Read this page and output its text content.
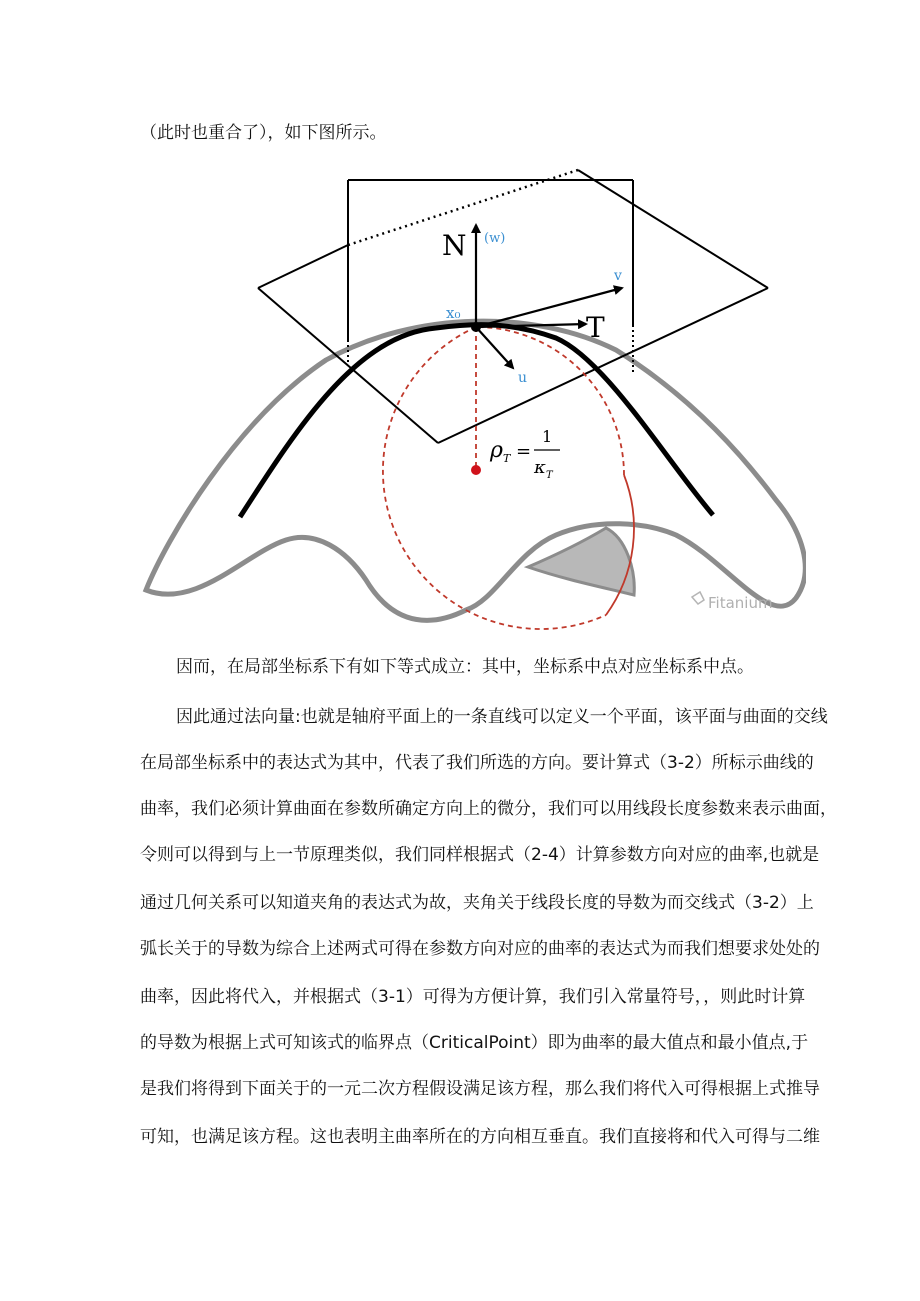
（此时也重合了），如下图所示。
N (w)
v
T
x₀
u
ρ T =
1
κ T
Fitanium
因而，在局部坐标系下有如下等式成立：其中，坐标系中点对应坐标系中点。
因此通过法向量:也就是轴府平面上的一条直线可以定义一个平面，该平面与曲面的交线
在局部坐标系中的表达式为其中，代表了我们所选的方向。要计算式（3-2）所标示曲线的
曲率，我们必须计算曲面在参数所确定方向上的微分，我们可以用线段长度参数来表示曲面，
令则可以得到与上一节原理类似，我们同样根据式（2-4）计算参数方向对应的曲率,也就是
通过几何关系可以知道夹角的表达式为故，夹角关于线段长度的导数为而交线式（3-2）上
弧长关于的导数为综合上述两式可得在参数方向对应的曲率的表达式为而我们想要求处处的
曲率，因此将代入，并根据式（3-1）可得为方便计算，我们引入常量符号，，则此时计算
的导数为根据上式可知该式的临界点（CriticalPoint）即为曲率的最大值点和最小值点,于
是我们将得到下面关于的一元二次方程假设满足该方程，那么我们将代入可得根据上式推导
可知，也满足该方程。这也表明主曲率所在的方向相互垂直。我们直接将和代入可得与二维
